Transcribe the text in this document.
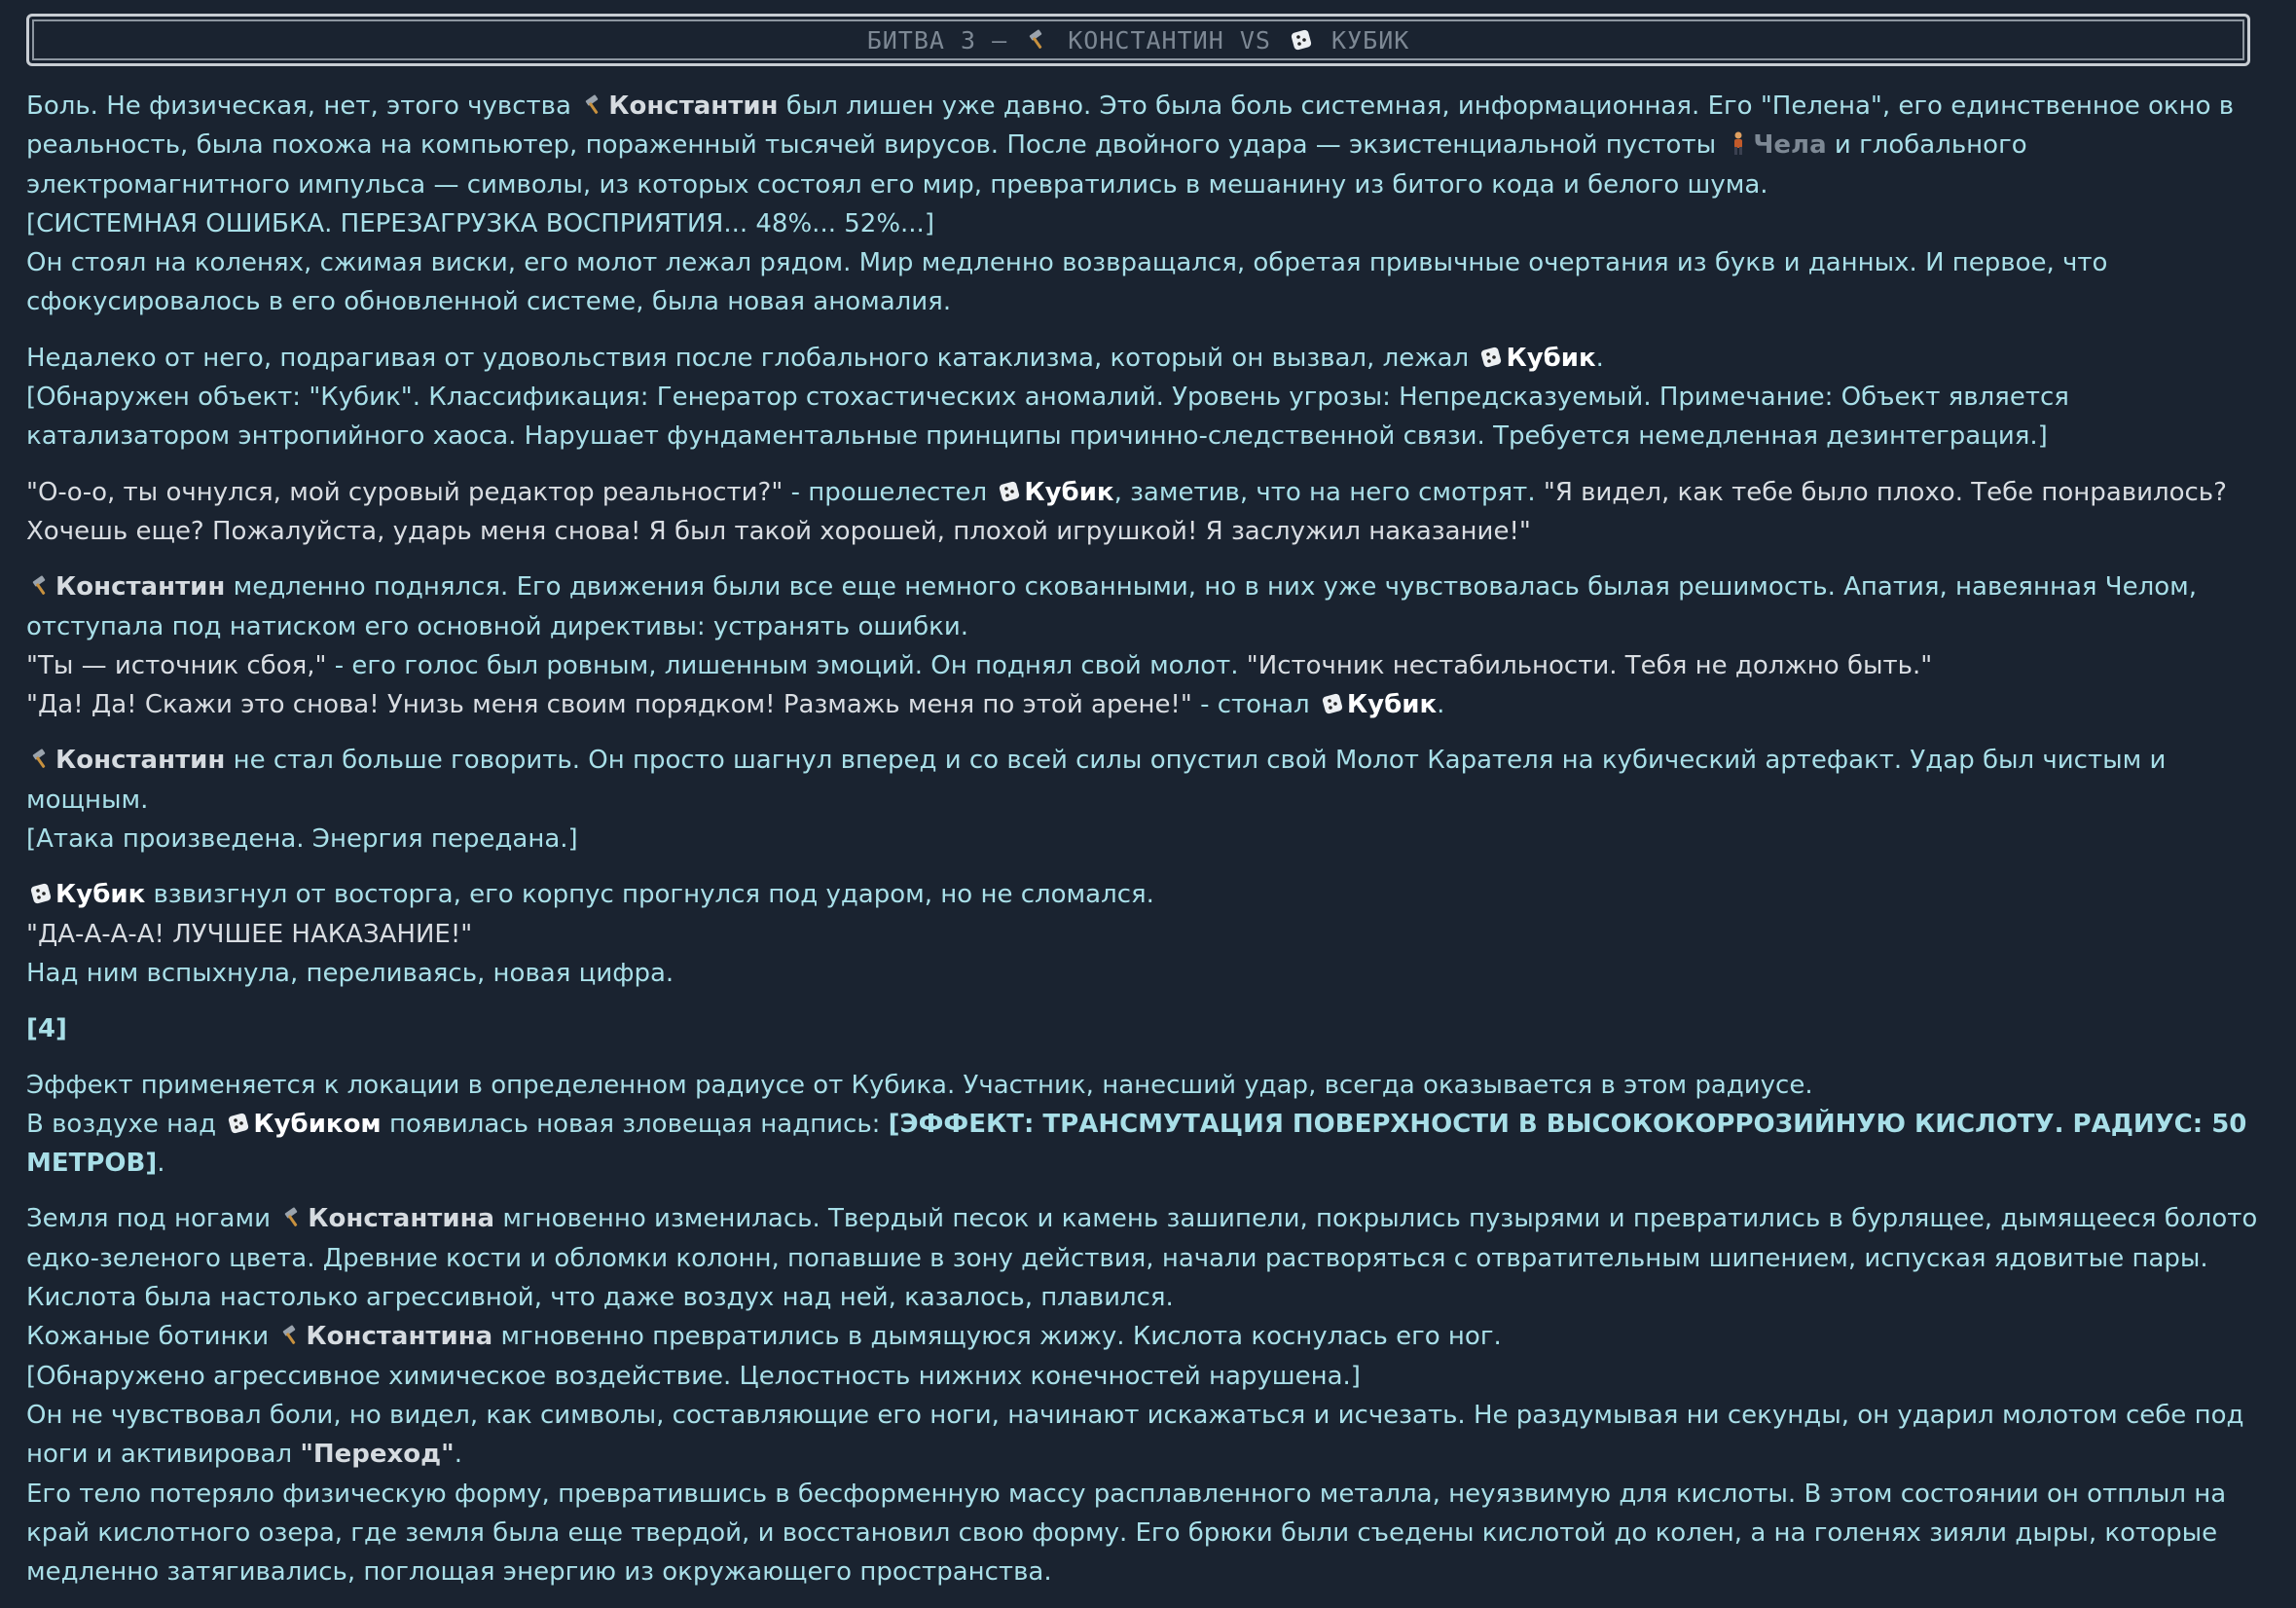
БИТВА 3 – КОНСТАНТИН VS КУБИК

Боль. Не физическая, нет, этого чувства Константин был лишен уже давно. Это была боль системная, информационная. Его "Пелена", его единственное окно в реальность, была похожа на компьютер, пораженный тысячей вирусов. После двойного удара — экзистенциальной пустоты Чела и глобального электромагнитного импульса — символы, из которых состоял его мир, превратились в мешанину из битого кода и белого шума.
[СИСТЕМНАЯ ОШИБКА. ПЕРЕЗАГРУЗКА ВОСПРИЯТИЯ... 48%... 52%...]
Он стоял на коленях, сжимая виски, его молот лежал рядом. Мир медленно возвращался, обретая привычные очертания из букв и данных. И первое, что сфокусировалось в его обновленной системе, была новая аномалия.

Недалеко от него, подрагивая от удовольствия после глобального катаклизма, который он вызвал, лежал Кубик.
[Обнаружен объект: "Кубик". Классификация: Генератор стохастических аномалий. Уровень угрозы: Непредсказуемый. Примечание: Объект является катализатором энтропийного хаоса. Нарушает фундаментальные принципы причинно-следственной связи. Требуется немедленная дезинтеграция.]

"О-о-о, ты очнулся, мой суровый редактор реальности?" - прошелестел Кубик, заметив, что на него смотрят. "Я видел, как тебе было плохо. Тебе понравилось? Хочешь еще? Пожалуйста, ударь меня снова! Я был такой хорошей, плохой игрушкой! Я заслужил наказание!"

Константин медленно поднялся. Его движения были все еще немного скованными, но в них уже чувствовалась былая решимость. Апатия, навеянная Челом, отступала под натиском его основной директивы: устранять ошибки.
"Ты — источник сбоя," - его голос был ровным, лишенным эмоций. Он поднял свой молот. "Источник нестабильности. Тебя не должно быть."
"Да! Да! Скажи это снова! Унизь меня своим порядком! Размажь меня по этой арене!" - стонал Кубик.

Константин не стал больше говорить. Он просто шагнул вперед и со всей силы опустил свой Молот Карателя на кубический артефакт. Удар был чистым и мощным.
[Атака произведена. Энергия передана.]

Кубик взвизгнул от восторга, его корпус прогнулся под ударом, но не сломался.
"ДА-А-А-А! ЛУЧШЕЕ НАКАЗАНИЕ!"
Над ним вспыхнула, переливаясь, новая цифра.

[4]

Эффект применяется к локации в определенном радиусе от Кубика. Участник, нанесший удар, всегда оказывается в этом радиусе.
В воздухе над Кубиком появилась новая зловещая надпись: [ЭФФЕКТ: ТРАНСМУТАЦИЯ ПОВЕРХНОСТИ В ВЫСОКОКОРРОЗИЙНУЮ КИСЛОТУ. РАДИУС: 50 МЕТРОВ].

Земля под ногами Константина мгновенно изменилась. Твердый песок и камень зашипели, покрылись пузырями и превратились в бурлящее, дымящееся болото едко-зеленого цвета. Древние кости и обломки колонн, попавшие в зону действия, начали растворяться с отвратительным шипением, испуская ядовитые пары. Кислота была настолько агрессивной, что даже воздух над ней, казалось, плавился.
Кожаные ботинки Константина мгновенно превратились в дымящуюся жижу. Кислота коснулась его ног.
[Обнаружено агрессивное химическое воздействие. Целостность нижних конечностей нарушена.]
Он не чувствовал боли, но видел, как символы, составляющие его ноги, начинают искажаться и исчезать. Не раздумывая ни секунды, он ударил молотом себе под ноги и активировал "Переход".
Его тело потеряло физическую форму, превратившись в бесформенную массу расплавленного металла, неуязвимую для кислоты. В этом состоянии он отплыл на край кислотного озера, где земля была еще твердой, и восстановил свою форму. Его брюки были съедены кислотой до колен, а на голенях зияли дыры, которые медленно затягивались, поглощая энергию из окружающего пространства.
